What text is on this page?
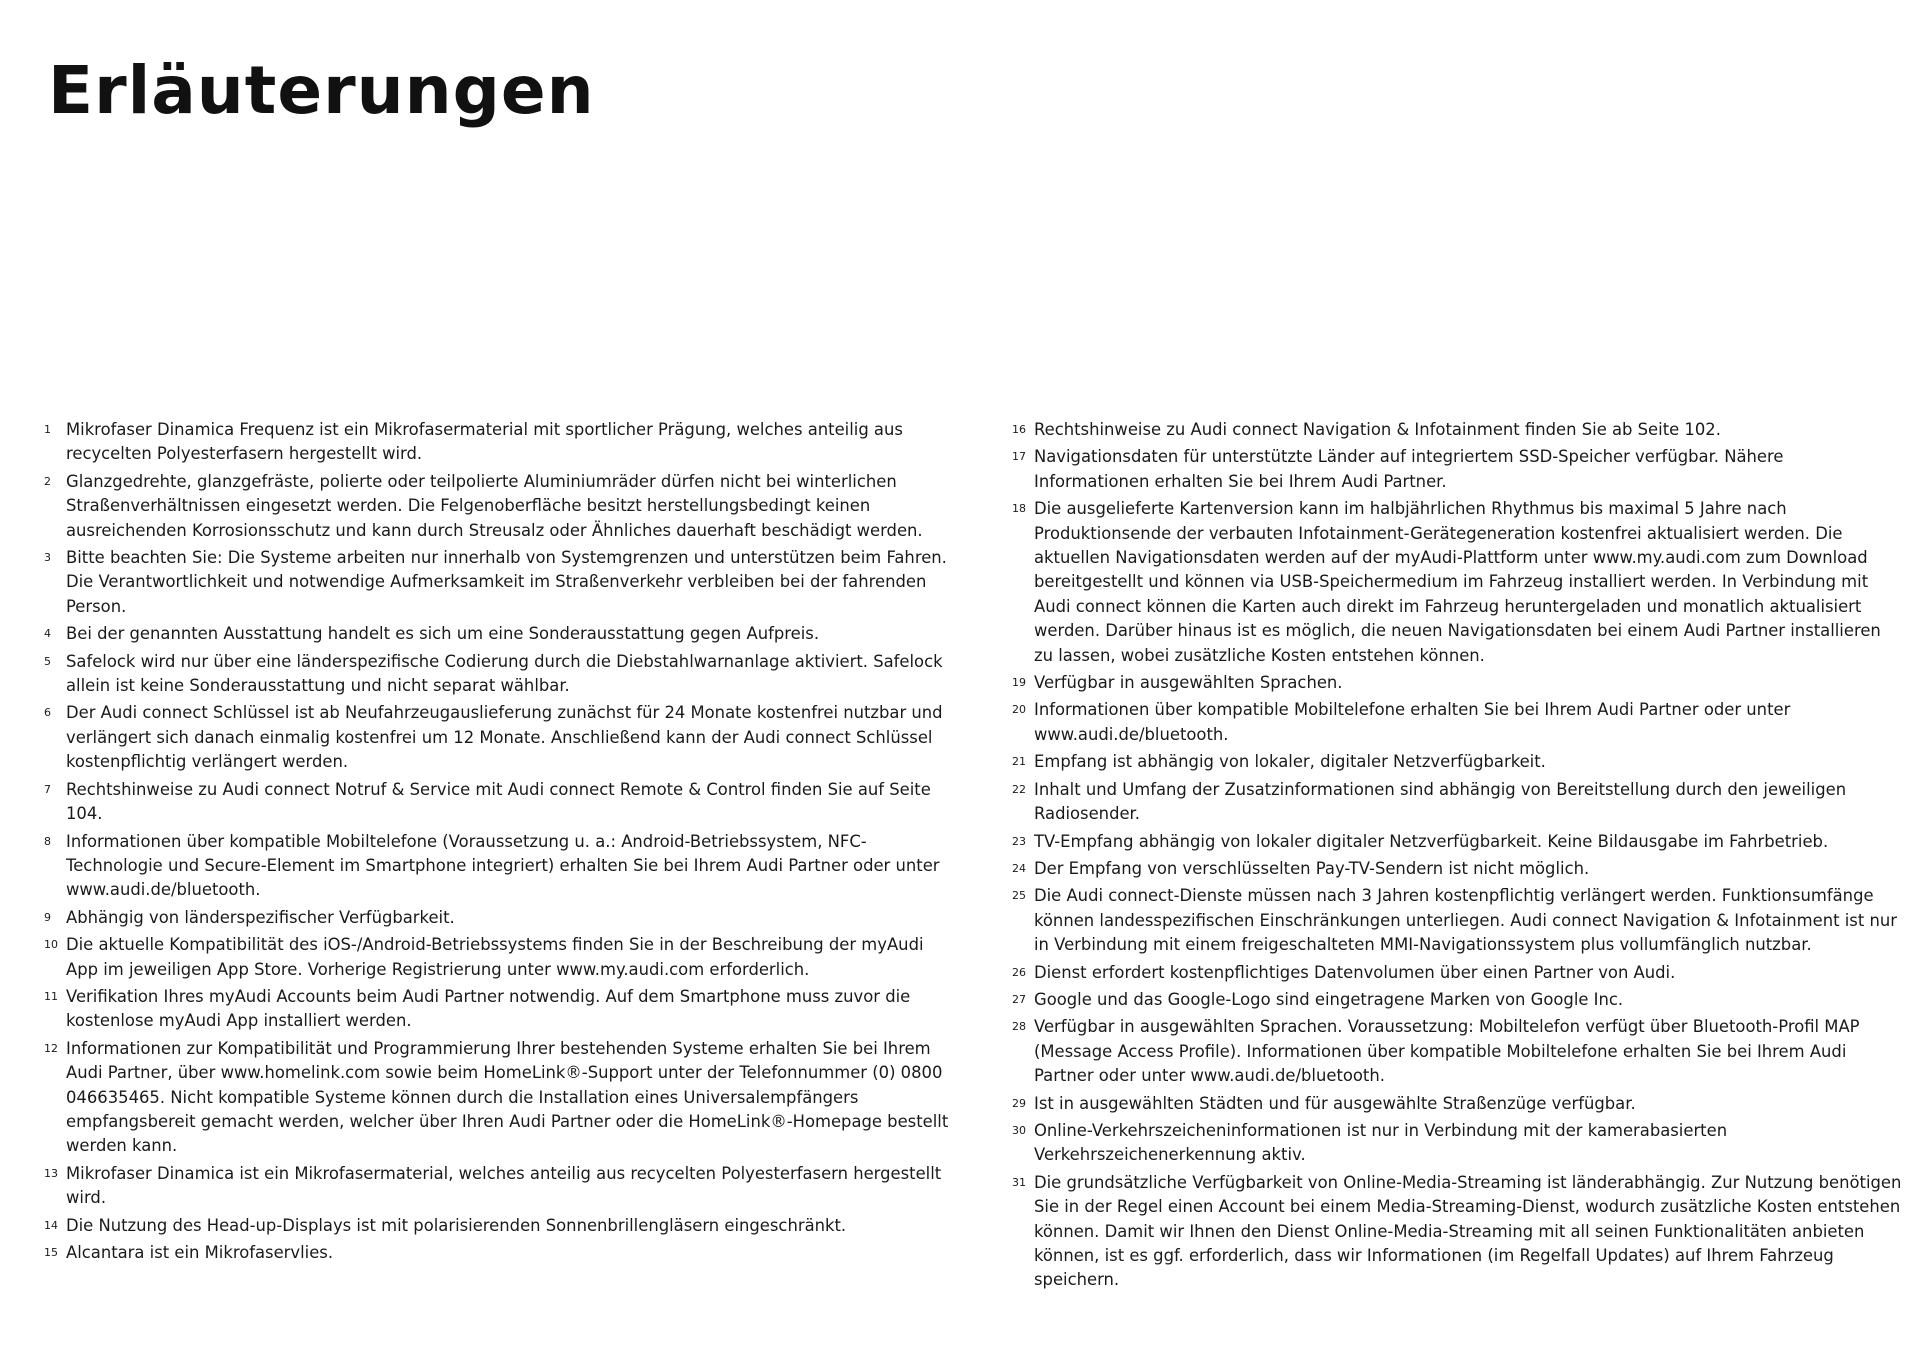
Erläuterungen
1 Mikrofaser Dinamica Frequenz ist ein Mikrofasermaterial mit sportlicher Prägung, welches anteilig aus recycelten Polyesterfasern hergestellt wird.
2 Glanzgedrehte, glanzgefräste, polierte oder teilpolierte Aluminiumräder dürfen nicht bei winterlichen Straßenverhältnissen eingesetzt werden. Die Felgenoberfläche besitzt herstellungsbedingt keinen ausreichenden Korrosionsschutz und kann durch Streusalz oder Ähnliches dauerhaft beschädigt werden.
3 Bitte beachten Sie: Die Systeme arbeiten nur innerhalb von Systemgrenzen und unterstützen beim Fahren. Die Verantwortlichkeit und notwendige Aufmerksamkeit im Straßenverkehr verbleiben bei der fahrenden Person.
4 Bei der genannten Ausstattung handelt es sich um eine Sonderausstattung gegen Aufpreis.
5 Safelock wird nur über eine länderspezifische Codierung durch die Diebstahlwarnanlage aktiviert. Safelock allein ist keine Sonderausstattung und nicht separat wählbar.
6 Der Audi connect Schlüssel ist ab Neufahrzeugauslieferung zunächst für 24 Monate kostenfrei nutzbar und verlängert sich danach einmalig kostenfrei um 12 Monate. Anschließend kann der Audi connect Schlüssel kostenpflichtig verlängert werden.
7 Rechtshinweise zu Audi connect Notruf & Service mit Audi connect Remote & Control finden Sie auf Seite 104.
8 Informationen über kompatible Mobiltelefone (Voraussetzung u. a.: Android-Betriebssystem, NFC-Technologie und Secure-Element im Smartphone integriert) erhalten Sie bei Ihrem Audi Partner oder unter www.audi.de/bluetooth.
9 Abhängig von länderspezifischer Verfügbarkeit.
10 Die aktuelle Kompatibilität des iOS-/Android-Betriebssystems finden Sie in der Beschreibung der myAudi App im jeweiligen App Store. Vorherige Registrierung unter www.my.audi.com erforderlich.
11 Verifikation Ihres myAudi Accounts beim Audi Partner notwendig. Auf dem Smartphone muss zuvor die kostenlose myAudi App installiert werden.
12 Informationen zur Kompatibilität und Programmierung Ihrer bestehenden Systeme erhalten Sie bei Ihrem Audi Partner, über www.homelink.com sowie beim HomeLink®-Support unter der Telefonnummer (0) 0800 046635465. Nicht kompatible Systeme können durch die Installation eines Universalempfängers empfangsbereit gemacht werden, welcher über Ihren Audi Partner oder die HomeLink®-Homepage bestellt werden kann.
13 Mikrofaser Dinamica ist ein Mikrofasermaterial, welches anteilig aus recycelten Polyesterfasern hergestellt wird.
14 Die Nutzung des Head-up-Displays ist mit polarisierenden Sonnenbrillengläsern eingeschränkt.
15 Alcantara ist ein Mikrofaservlies.
16 Rechtshinweise zu Audi connect Navigation & Infotainment finden Sie ab Seite 102.
17 Navigationsdaten für unterstützte Länder auf integriertem SSD-Speicher verfügbar. Nähere Informationen erhalten Sie bei Ihrem Audi Partner.
18 Die ausgelieferte Kartenversion kann im halbjährlichen Rhythmus bis maximal 5 Jahre nach Produktionsende der verbauten Infotainment-Gerätegeneration kostenfrei aktualisiert werden. Die aktuellen Navigationsdaten werden auf der myAudi-Plattform unter www.my.audi.com zum Download bereitgestellt und können via USB-Speichermedium im Fahrzeug installiert werden. In Verbindung mit Audi connect können die Karten auch direkt im Fahrzeug heruntergeladen und monatlich aktualisiert werden. Darüber hinaus ist es möglich, die neuen Navigationsdaten bei einem Audi Partner installieren zu lassen, wobei zusätzliche Kosten entstehen können.
19 Verfügbar in ausgewählten Sprachen.
20 Informationen über kompatible Mobiltelefone erhalten Sie bei Ihrem Audi Partner oder unter www.audi.de/bluetooth.
21 Empfang ist abhängig von lokaler, digitaler Netzverfügbarkeit.
22 Inhalt und Umfang der Zusatzinformationen sind abhängig von Bereitstellung durch den jeweiligen Radiosender.
23 TV-Empfang abhängig von lokaler digitaler Netzverfügbarkeit. Keine Bildausgabe im Fahrbetrieb.
24 Der Empfang von verschlüsselten Pay-TV-Sendern ist nicht möglich.
25 Die Audi connect-Dienste müssen nach 3 Jahren kostenpflichtig verlängert werden. Funktionsumfänge können landesspezifischen Einschränkungen unterliegen. Audi connect Navigation & Infotainment ist nur in Verbindung mit einem freigeschalteten MMI-Navigationssystem plus vollumfänglich nutzbar.
26 Dienst erfordert kostenpflichtiges Datenvolumen über einen Partner von Audi.
27 Google und das Google-Logo sind eingetragene Marken von Google Inc.
28 Verfügbar in ausgewählten Sprachen. Voraussetzung: Mobiltelefon verfügt über Bluetooth-Profil MAP (Message Access Profile). Informationen über kompatible Mobiltelefone erhalten Sie bei Ihrem Audi Partner oder unter www.audi.de/bluetooth.
29 Ist in ausgewählten Städten und für ausgewählte Straßenzüge verfügbar.
30 Online-Verkehrszeicheninformationen ist nur in Verbindung mit der kamerabasierten Verkehrszeichenerkennung aktiv.
31 Die grundsätzliche Verfügbarkeit von Online-Media-Streaming ist länderabhängig. Zur Nutzung benötigen Sie in der Regel einen Account bei einem Media-Streaming-Dienst, wodurch zusätzliche Kosten entstehen können. Damit wir Ihnen den Dienst Online-Media-Streaming mit all seinen Funktionalitäten anbieten können, ist es ggf. erforderlich, dass wir Informationen (im Regelfall Updates) auf Ihrem Fahrzeug speichern.
